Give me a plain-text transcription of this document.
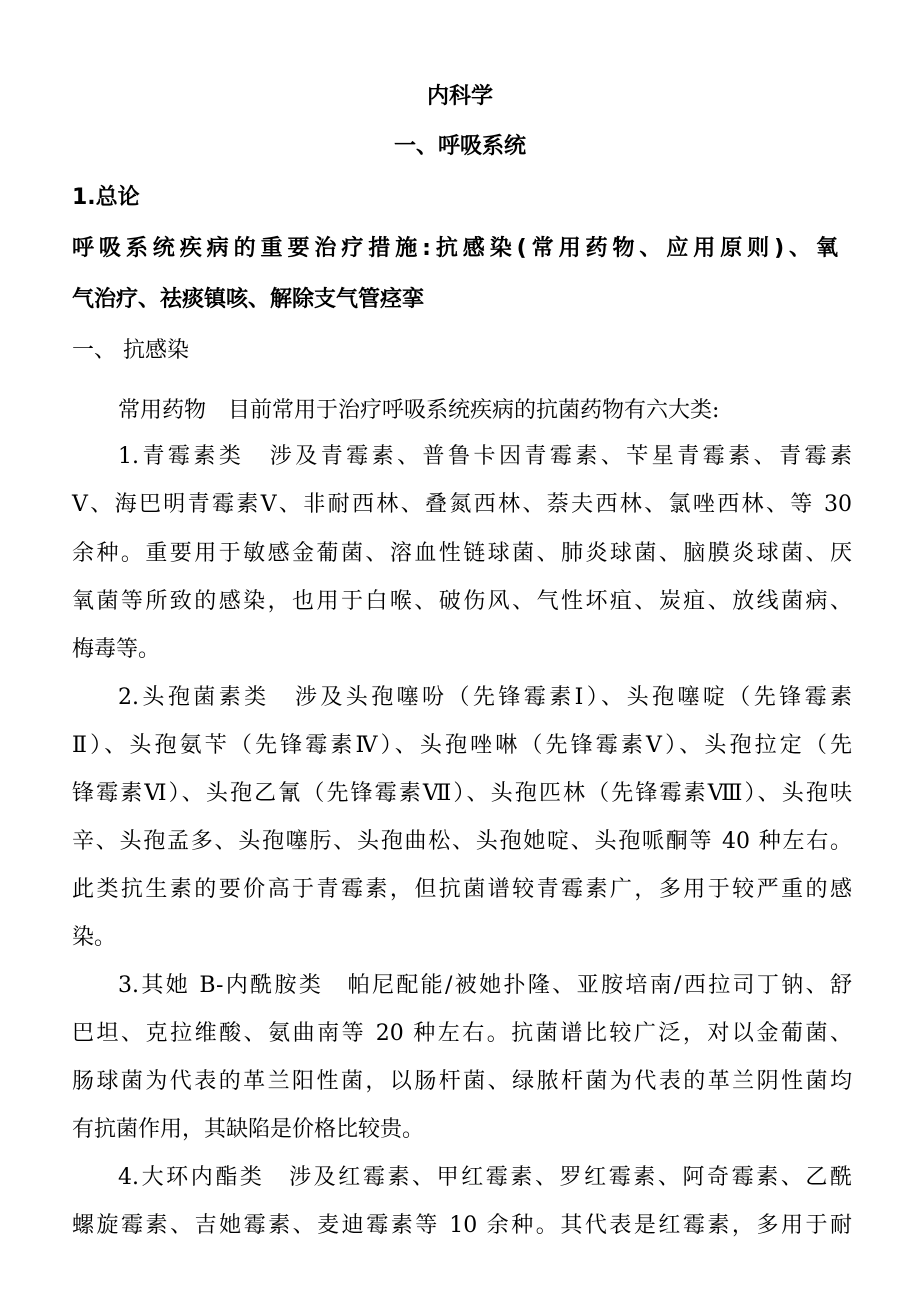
内科学
一、呼吸系统
1.总论
呼吸系统疾病的重要治疗措施:抗感染(常用药物、应用原则)、氧
气治疗、祛痰镇咳、解除支气管痉挛
一、 抗感染
常用药物　目前常用于治疗呼吸系统疾病的抗菌药物有六大类:
1.青霉素类　涉及青霉素、普鲁卡因青霉素、苄星青霉素、青霉素
Ⅴ、海巴明青霉素Ⅴ、非耐西林、叠氮西林、萘夫西林、氯唑西林、等 30
余种。重要用于敏感金葡菌、溶血性链球菌、肺炎球菌、脑膜炎球菌、厌
氧菌等所致的感染，也用于白喉、破伤风、气性坏疽、炭疽、放线菌病、
梅毒等。
2.头孢菌素类　涉及头孢噻吩（先锋霉素Ⅰ）、头孢噻啶（先锋霉素
Ⅱ）、头孢氨苄（先锋霉素Ⅳ）、头孢唑啉（先锋霉素Ⅴ）、头孢拉定（先
锋霉素Ⅵ）、头孢乙氰（先锋霉素Ⅶ）、头孢匹林（先锋霉素Ⅷ）、头孢呋
辛、头孢孟多、头孢噻肟、头孢曲松、头孢她啶、头孢哌酮等 40 种左右。
此类抗生素的要价高于青霉素，但抗菌谱较青霉素广，多用于较严重的感
染。
3.其她 B-内酰胺类　帕尼配能/被她扑隆、亚胺培南/西拉司丁钠、舒
巴坦、克拉维酸、氨曲南等 20 种左右。抗菌谱比较广泛，对以金葡菌、
肠球菌为代表的革兰阳性菌，以肠杆菌、绿脓杆菌为代表的革兰阴性菌均
有抗菌作用，其缺陷是价格比较贵。
4.大环内酯类　涉及红霉素、甲红霉素、罗红霉素、阿奇霉素、乙酰
螺旋霉素、吉她霉素、麦迪霉素等 10 余种。其代表是红霉素，多用于耐
